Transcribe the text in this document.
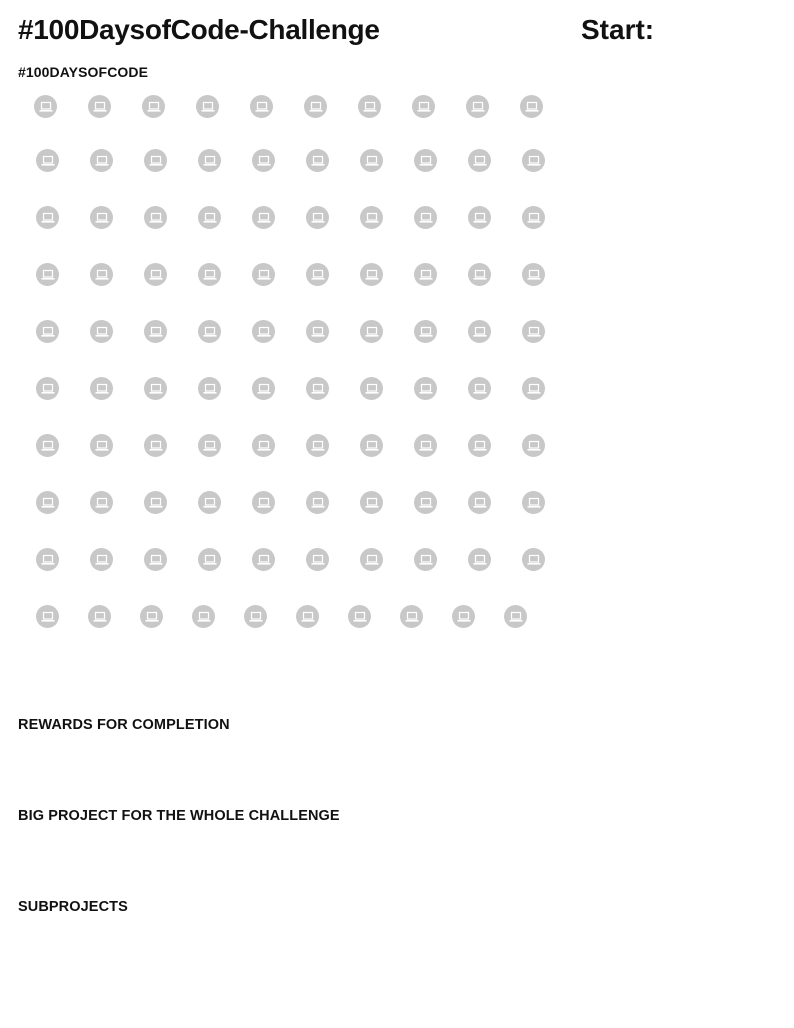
#100DaysofCode-Challenge	Start:
#100DAYSOFCODE
REWARDS FOR COMPLETION
BIG PROJECT FOR THE WHOLE CHALLENGE
SUBPROJECTS
